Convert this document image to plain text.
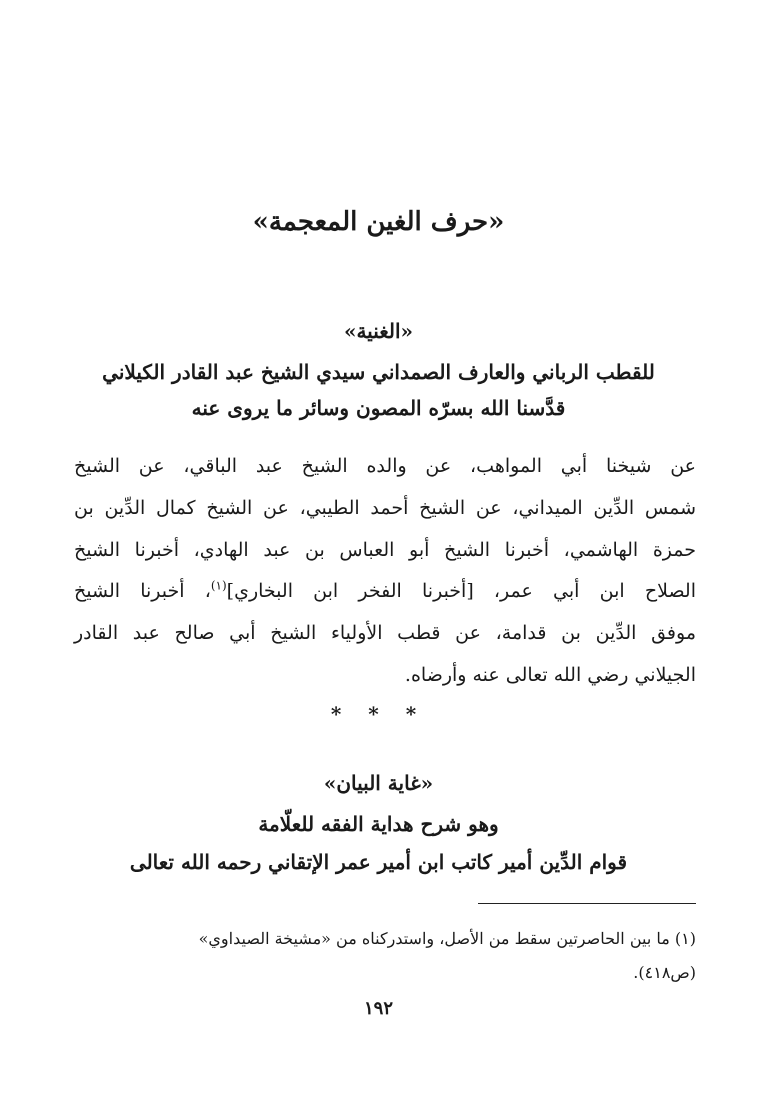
«حرف الغين المعجمة»
«الغنية»
للقطب الرباني والعارف الصمداني سيدي الشيخ عبد القادر الكيلاني
قدَّسنا الله بسرّه المصون وسائر ما يروى عنه
عن شيخنا أبي المواهب، عن والده الشيخ عبد الباقي، عن الشيخ
شمس الدِّين الميداني، عن الشيخ أحمد الطيبي، عن الشيخ كمال الدِّين بن
حمزة الهاشمي، أخبرنا الشيخ أبو العباس بن عبد الهادي، أخبرنا الشيخ
الصلاح ابن أبي عمر، [أخبرنا الفخر ابن البخاري]$^{(١)}$، أخبرنا الشيخ
موفق الدِّين بن قدامة، عن قطب الأولياء الشيخ أبي صالح عبد القادر
الجيلاني رضي الله تعالى عنه وأرضاه.
* * *
«غاية البيان»
وهو شرح هداية الفقه للعلّامة
قوام الدِّين أمير كاتب ابن أمير عمر الإتقاني رحمه الله تعالى
(١) ما بين الحاصرتين سقط من الأصل، واستدركناه من «مشيخة الصيداوي»
(ص٤١٨).
١٩٢
